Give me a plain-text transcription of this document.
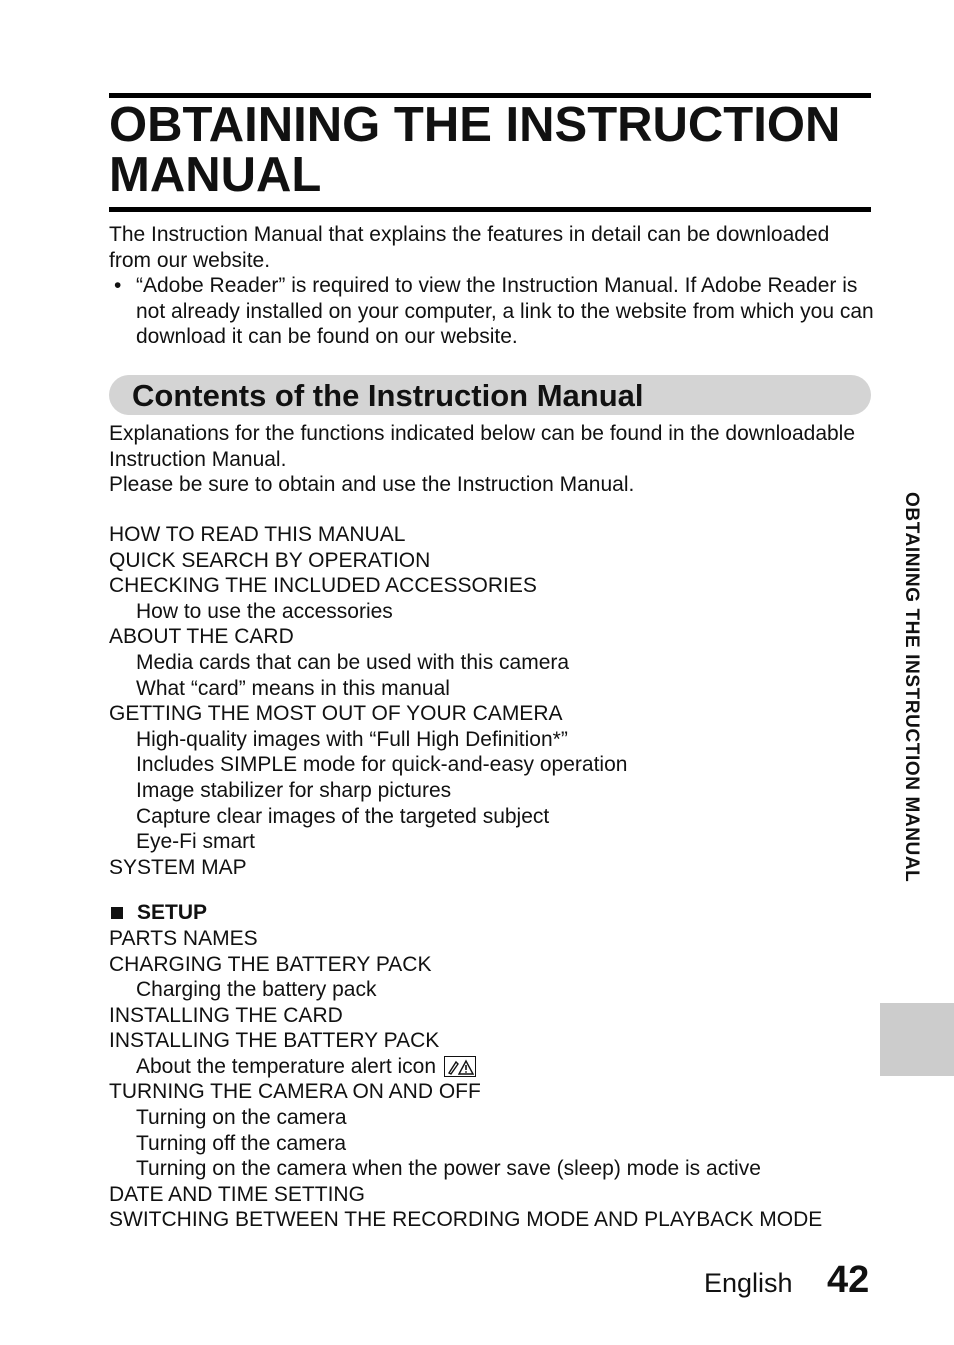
OBTAINING THE INSTRUCTION MANUAL
The Instruction Manual that explains the features in detail can be downloaded from our website.
• “Adobe Reader” is required to view the Instruction Manual. If Adobe Reader is not already installed on your computer, a link to the website from which you can download it can be found on our website.
Contents of the Instruction Manual
Explanations for the functions indicated below can be found in the downloadable Instruction Manual.
Please be sure to obtain and use the Instruction Manual.
HOW TO READ THIS MANUAL
QUICK SEARCH BY OPERATION
CHECKING THE INCLUDED ACCESSORIES
How to use the accessories
ABOUT THE CARD
Media cards that can be used with this camera
What “card” means in this manual
GETTING THE MOST OUT OF YOUR CAMERA
High-quality images with “Full High Definition*”
Includes SIMPLE mode for quick-and-easy operation
Image stabilizer for sharp pictures
Capture clear images of the targeted subject
Eye-Fi smart
SYSTEM MAP
SETUP
PARTS NAMES
CHARGING THE BATTERY PACK
Charging the battery pack
INSTALLING THE CARD
INSTALLING THE BATTERY PACK
About the temperature alert icon
TURNING THE CAMERA ON AND OFF
Turning on the camera
Turning off the camera
Turning on the camera when the power save (sleep) mode is active
DATE AND TIME SETTING
SWITCHING BETWEEN THE RECORDING MODE AND PLAYBACK MODE
OBTAINING THE INSTRUCTION MANUAL
English 42
